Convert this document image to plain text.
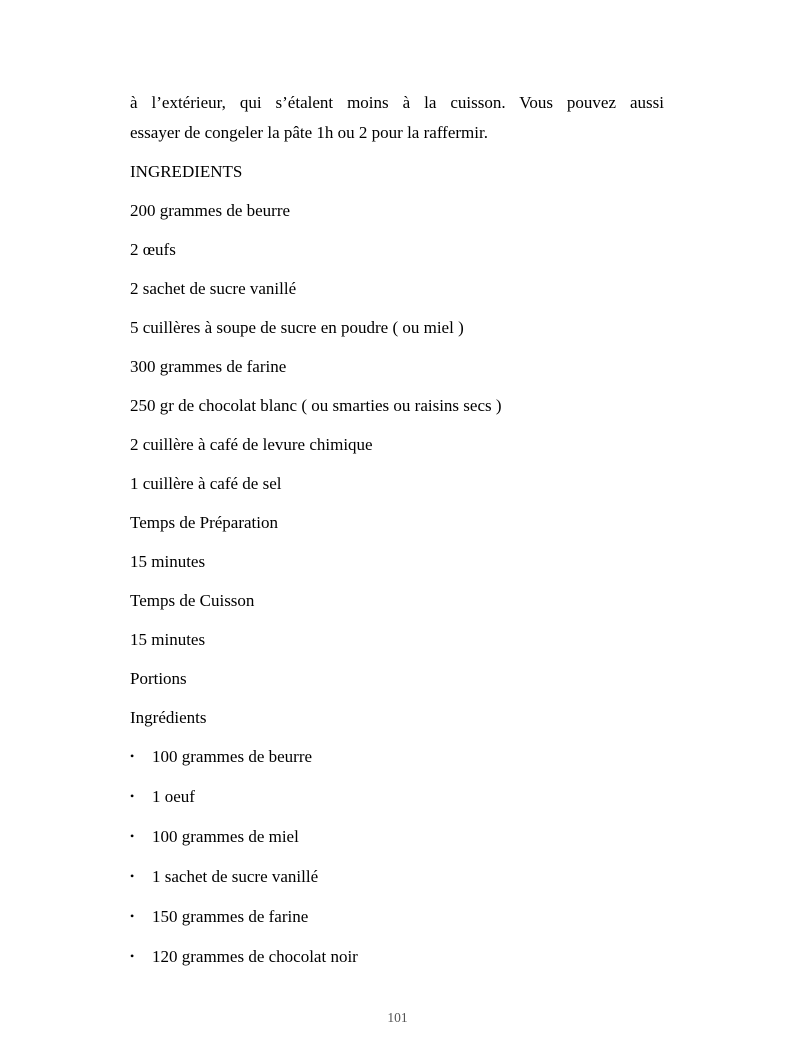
à l’extérieur, qui s’étalent moins à la cuisson. Vous pouvez aussi
essayer de congeler la pâte 1h ou 2 pour la raffermir.

INGREDIENTS

200 grammes de beurre

2 œufs

2 sachet de sucre vanillé

5 cuillères à soupe de sucre en poudre ( ou miel )

300 grammes de farine

250 gr de chocolat blanc ( ou smarties ou raisins secs )

2 cuillère à café de levure chimique

1 cuillère à café de sel

Temps de Préparation

15 minutes

Temps de Cuisson

15 minutes

Portions

Ingrédients

•	100 grammes de beurre
•	1 oeuf
•	100 grammes de miel
•	1 sachet de sucre vanillé
•	150 grammes de farine
•	120 grammes de chocolat noir
101
